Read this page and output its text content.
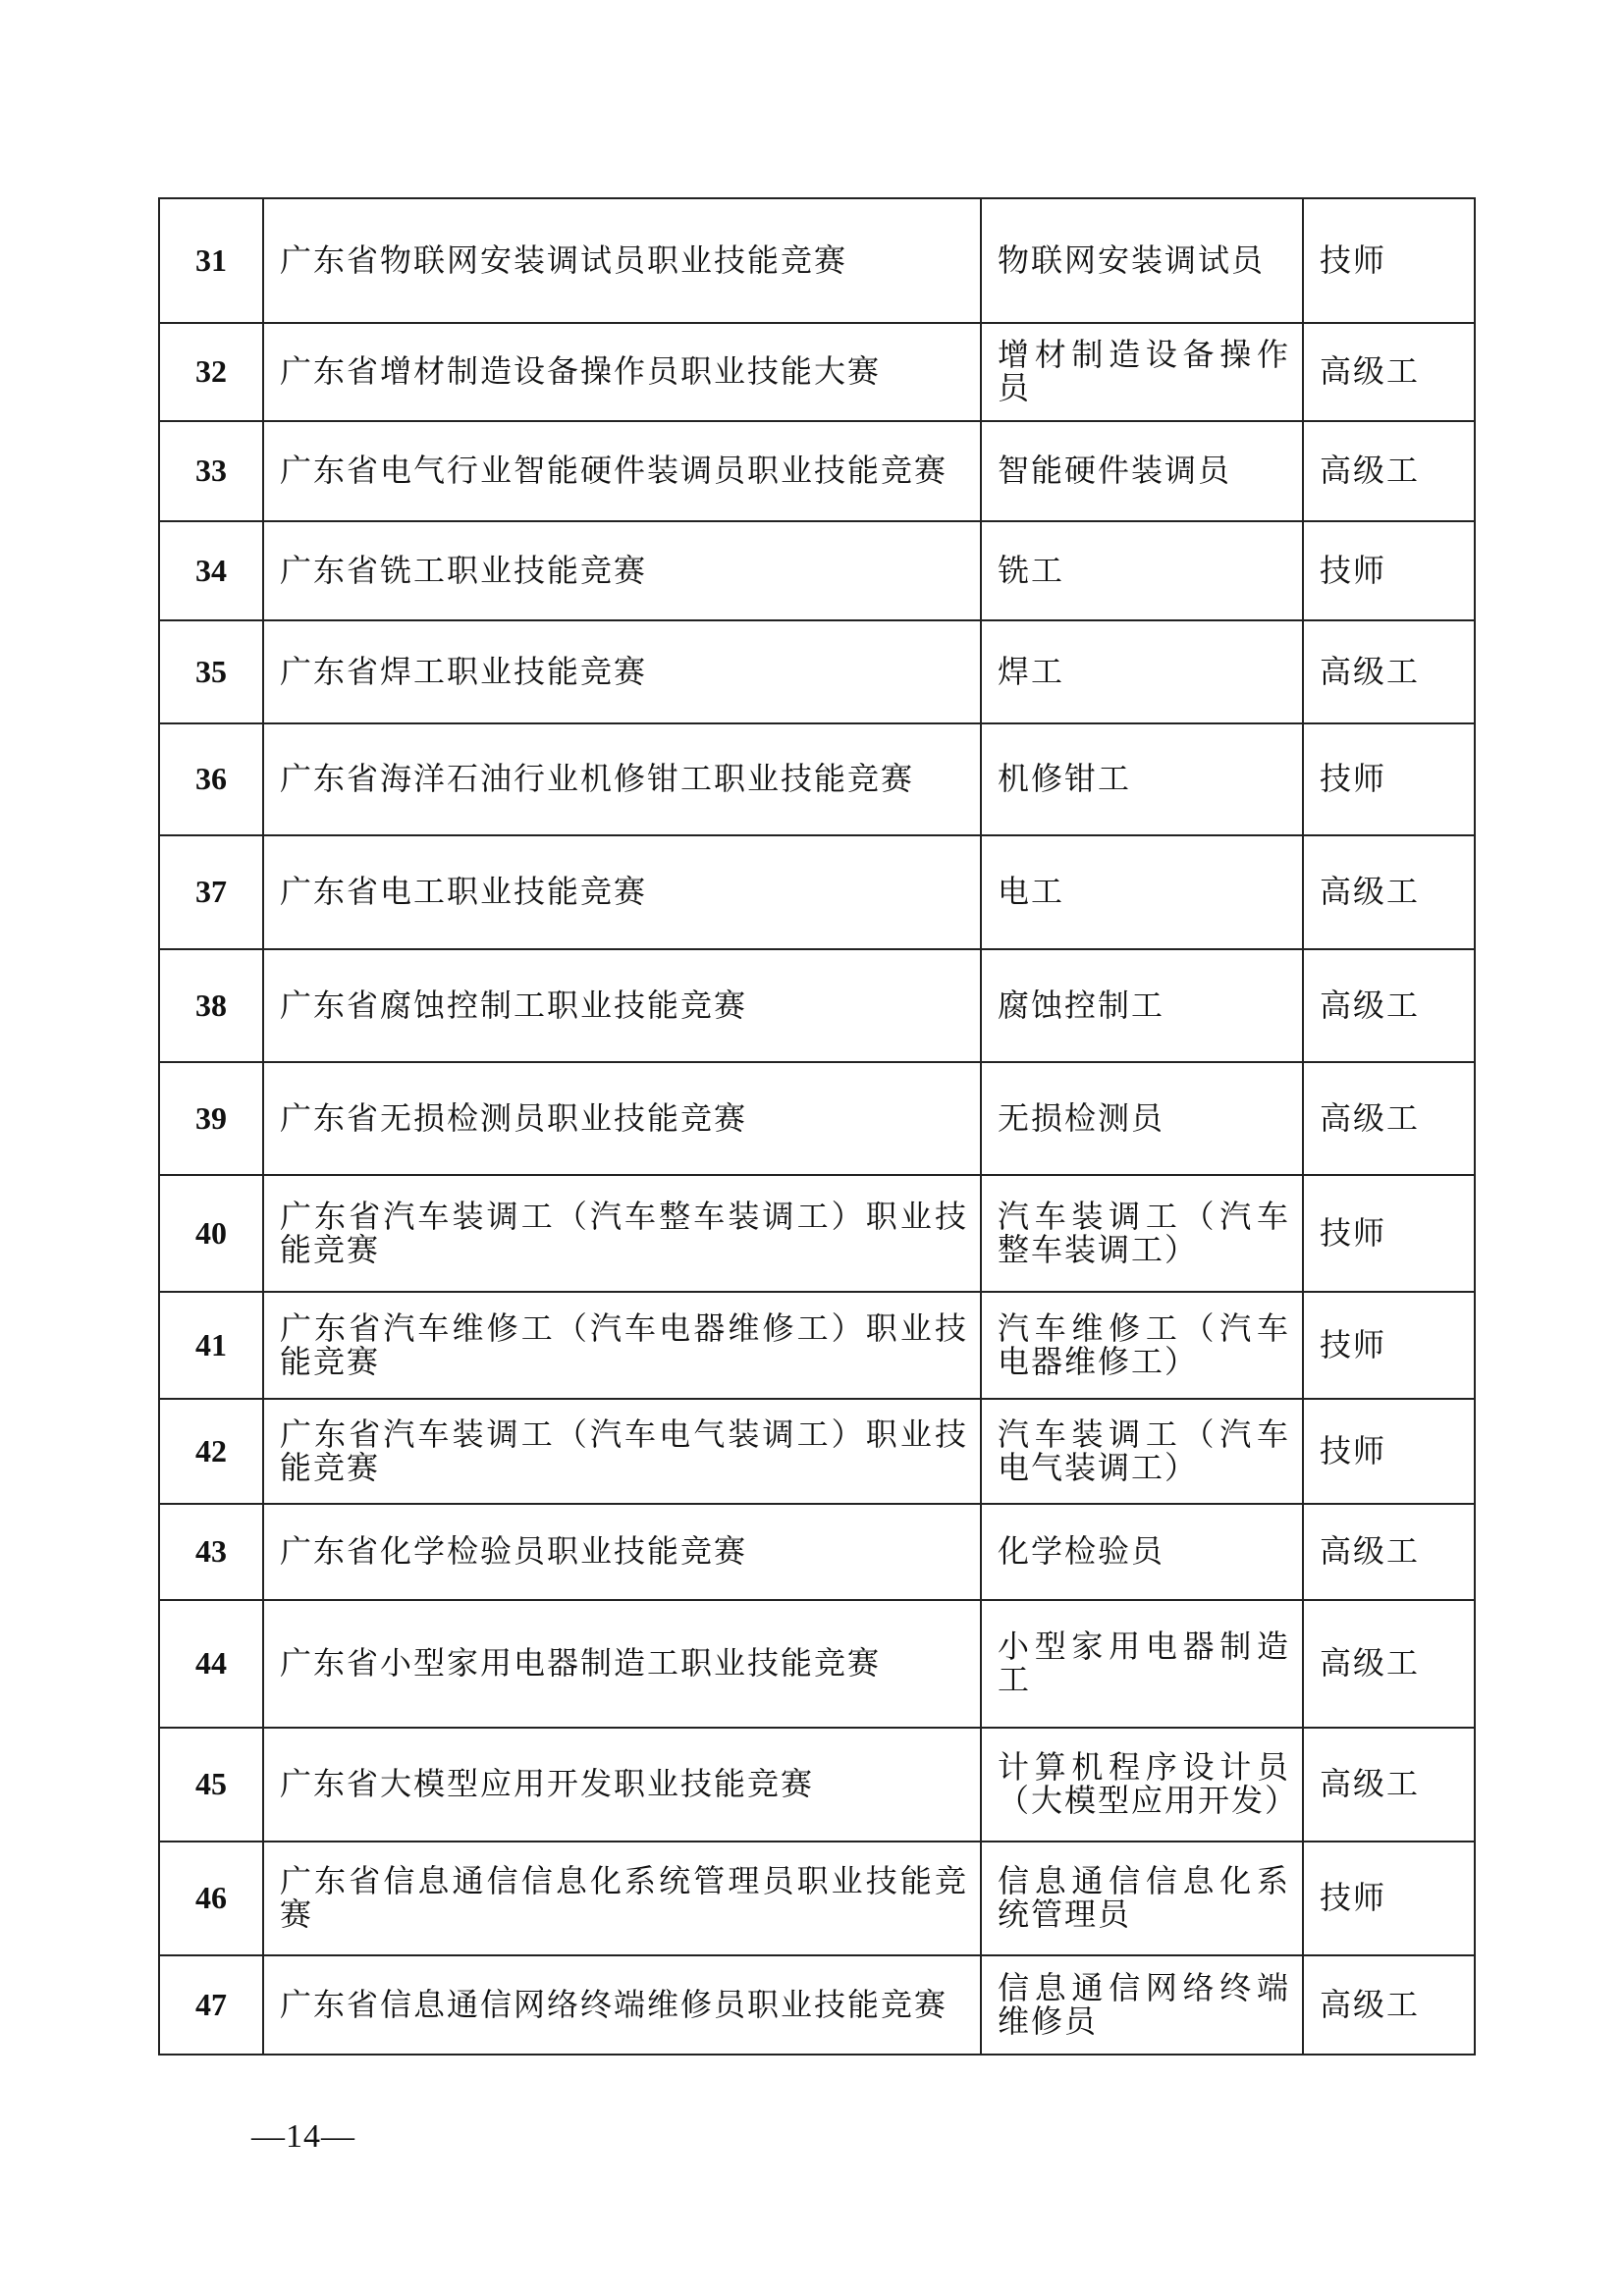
31	广东省物联网安装调试员职业技能竞赛	物联网安装调试员	技师
32	广东省增材制造设备操作员职业技能大赛	增材制造设备操作员	高级工
33	广东省电气行业智能硬件装调员职业技能竞赛	智能硬件装调员	高级工
34	广东省铣工职业技能竞赛	铣工	技师
35	广东省焊工职业技能竞赛	焊工	高级工
36	广东省海洋石油行业机修钳工职业技能竞赛	机修钳工	技师
37	广东省电工职业技能竞赛	电工	高级工
38	广东省腐蚀控制工职业技能竞赛	腐蚀控制工	高级工
39	广东省无损检测员职业技能竞赛	无损检测员	高级工
40	广东省汽车装调工（汽车整车装调工）职业技能竞赛	汽车装调工（汽车整车装调工）	技师
41	广东省汽车维修工（汽车电器维修工）职业技能竞赛	汽车维修工（汽车电器维修工）	技师
42	广东省汽车装调工（汽车电气装调工）职业技能竞赛	汽车装调工（汽车电气装调工）	技师
43	广东省化学检验员职业技能竞赛	化学检验员	高级工
44	广东省小型家用电器制造工职业技能竞赛	小型家用电器制造工	高级工
45	广东省大模型应用开发职业技能竞赛	计算机程序设计员（大模型应用开发）	高级工
46	广东省信息通信信息化系统管理员职业技能竞赛	信息通信信息化系统管理员	技师
47	广东省信息通信网络终端维修员职业技能竞赛	信息通信网络终端维修员	高级工
—14—
